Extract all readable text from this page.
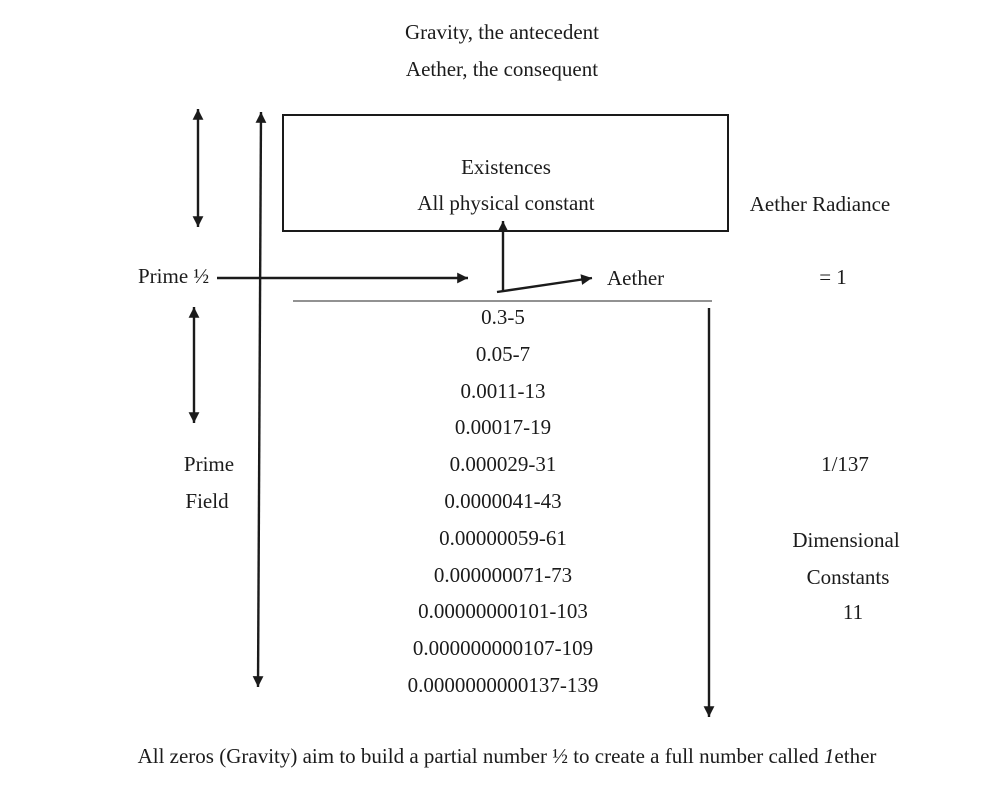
Gravity, the antecedent
Aether, the consequent
Existences
All physical constant	Aether Radiance
= 1
Prime ½	Aether
0.3-5
0.05-7
0.0011-13
0.00017-19
0.000029-31
0.0000041-43
0.00000059-61
0.000000071-73
0.00000000101-103
0.000000000107-109
0.0000000000137-139
Prime
Field
1/137
Dimensional
Constants
11
All zeros (Gravity) aim to build a partial number ½ to create a full number called 1ether
